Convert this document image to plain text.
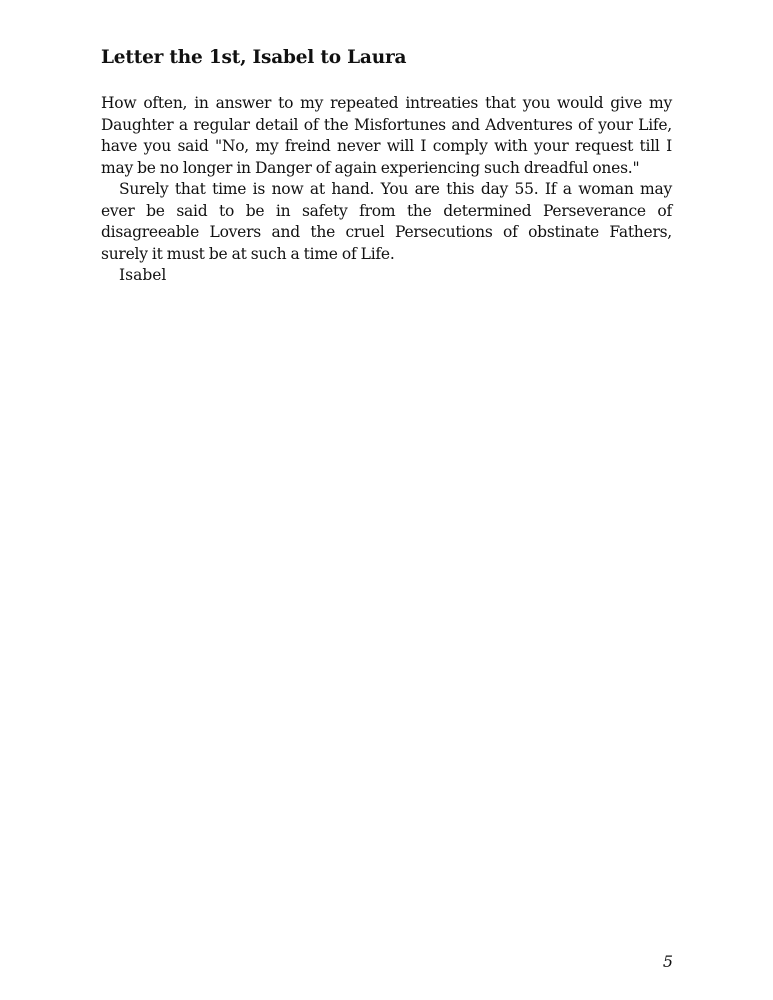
Letter the 1st, Isabel to Laura

How often, in answer to my repeated intreaties that you would give my Daughter a regular detail of the Misfortunes and Adventures of your Life, have you said "No, my freind never will I comply with your request till I may be no longer in Danger of again experiencing such dreadful ones."

Surely that time is now at hand. You are this day 55. If a woman may ever be said to be in safety from the determined Perseverance of disagreeable Lovers and the cruel Persecutions of obstinate Fathers, surely it must be at such a time of Life.

Isabel

5
